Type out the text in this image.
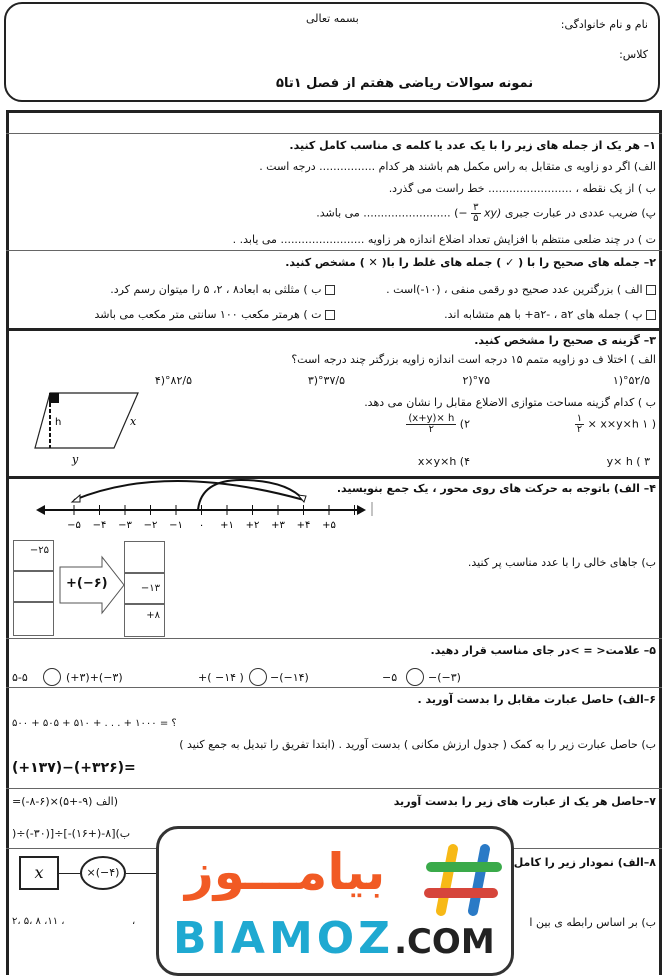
بسمه تعالی	نام و نام خانوادگی:
کلاس:
نمونه سوالات ریاضی هفتم از فصل ۱تا۵
۱– هر یک از جمله های زیر را با یک عدد یا کلمه ی مناسب کامل کنید.
الف) اگر دو زاویه ی متقابل به راس مکمل هم باشند هر کدام ................ درجه است .
ب ) از یک نقطه ، ........................ خط راست می گذرد.
پ) ضریب عددی در عبارت جبری (− $\frac{۳}{۵} xy$) ......................... می باشد.
ت ) در چند ضلعی منتظم با افزایش تعداد اضلاع اندازه هر زاویه ........................ می یابد. .
۲– جمله های صحیح را با ( ✓ ) جمله های غلط را با( ✕ ) مشخص کنید.
الف ) بزرگترین عدد صحیح دو رقمی منفی ، (۱۰-)است .
ب ) مثلثی به ابعاد۸ ، ۲، ۵ را میتوان رسم کرد.
پ ) جمله های a۲- ، a۲+ با هم متشابه اند.
ت ) هرمتر مکعب ۱۰۰ سانتی متر مکعب می باشد
۳– گزینه ی صحیح را مشخص کنید.
الف ) اختلا ف دو زاویه متمم ۱۵ درجه است اندازه زاویه بزرگتر چند درجه است؟
۱)°۵۲/۵
۲)°۷۵
۳)°۳۷/۵
۴)°۸۲/۵
ب ) کدام گزینه مساحت متوازی الاضلاع مقابل را نشان می دهد.
$\frac{۱}{۲} \times x\times y\times h$ ۱ )
$\frac{(x+y)\times h}{۲}$ (۲
y× h ( ۳
x×y×h (۴
h	x
y
۴– الف) باتوجه به حرکت های روی محور ، یک جمع بنویسید.
−۵ −۴ −۳ −۲ −۱ ۰ +۱ +۲ +۳ +۴ +۵
ب) جاهای خالی را با عدد مناسب پر کنید.
−۲۵
+(−۶)	−۱۳
+۸
۵– علامت< = >در جای مناسب قرار دهید.
۵-۵	(+۳)+(−۳)	+( −۱۴ ) −(−۱۴)	−۵	−(−۳)
۶–الف) حاصل عبارت مقابل را بدست آورید .
۵۰۰ + ۵۰۵ + ۵۱۰ + . . . + ۱۰۰۰ = ؟
ب) حاصل عبارت زیر را به کمک ( جدول ارزش مکانی ) بدست آورید . (ابتدا تفریق را تبدیل به جمع کنید )
(+۱۳۷)−(+۳۲۶)=
۷–حاصل هر یک از عبارت های زیر را بدست آورید
(الف (۹-+۵)×(۶-۸-)=
ب)[۸-(+۱۶)-]÷[(۳۰-)÷(
۸–الف) نمودار زیر را کامل
x	×(−۴)
ب) بر اساس رابطه ی بین ا
۲، ۵، ۸ ،۱۱ ،	،
بیامـــوز
BIAMOZ.COM
